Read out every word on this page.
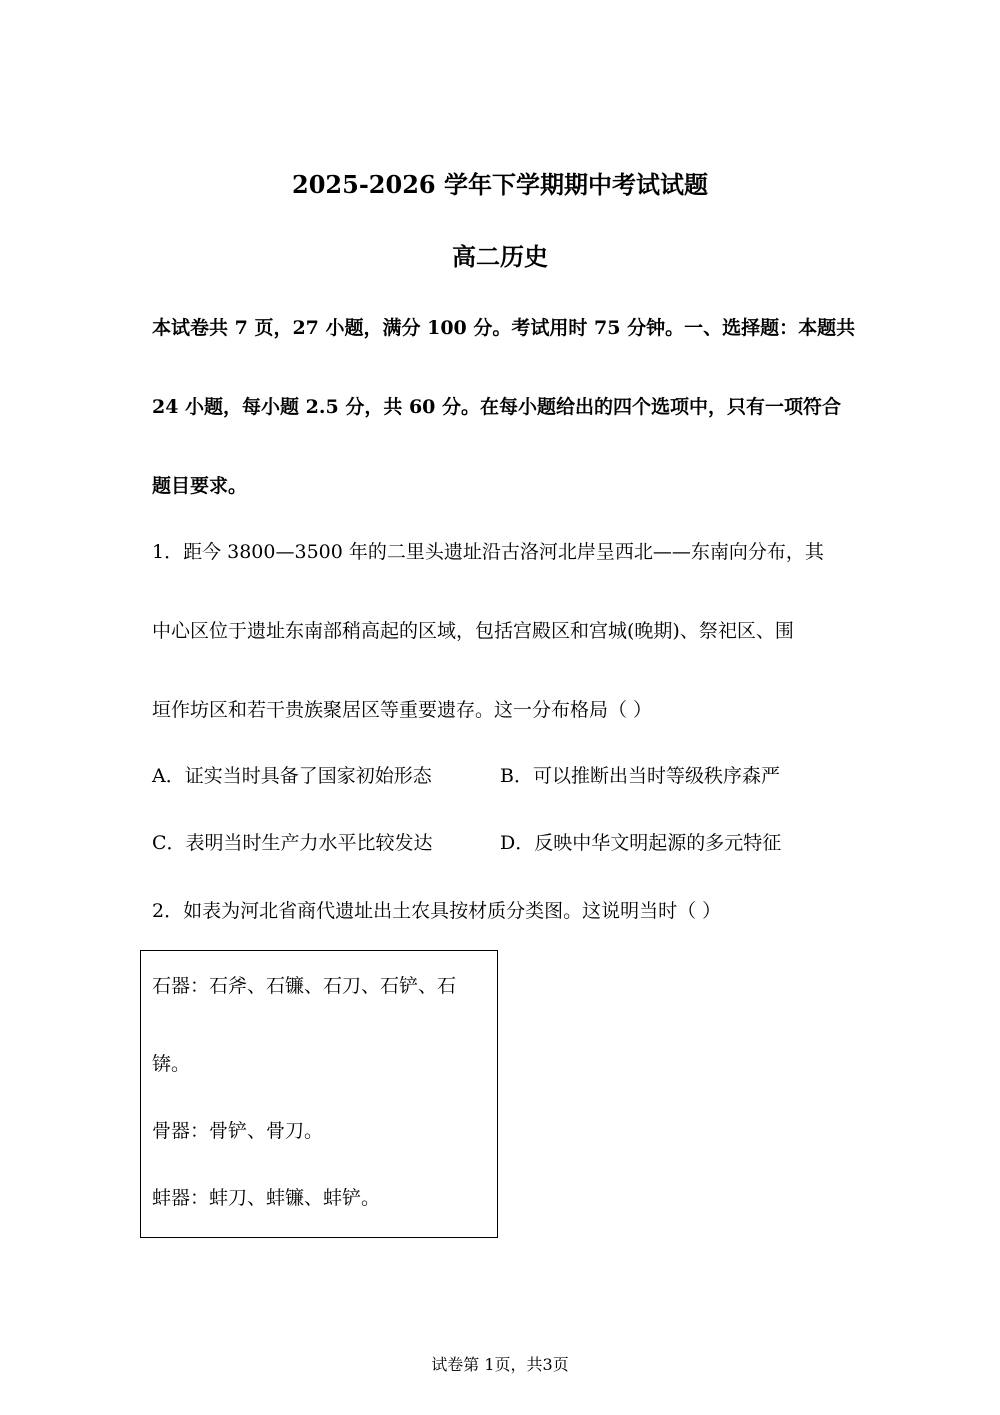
2025-2026 学年下学期期中考试试题
高二历史

本试卷共 7 页，27 小题，满分 100 分。考试用时 75 分钟。一、选择题：本题共

24 小题，每小题 2.5 分，共 60 分。在每小题给出的四个选项中，只有一项符合

题目要求。

1．距今 3800—3500 年的二里头遗址沿古洛河北岸呈西北——东南向分布，其

中心区位于遗址东南部稍高起的区域，包括宫殿区和宫城(晚期)、祭祀区、围

垣作坊区和若干贵族聚居区等重要遗存。这一分布格局（ ）

A．证实当时具备了国家初始形态	B．可以推断出当时等级秩序森严
C．表明当时生产力水平比较发达	D．反映中华文明起源的多元特征

2．如表为河北省商代遗址出土农具按材质分类图。这说明当时（ ）

石器：石斧、石镰、石刀、石铲、石
锛。
骨器：骨铲、骨刀。
蚌器：蚌刀、蚌镰、蚌铲。
试卷第 1页，共3页
